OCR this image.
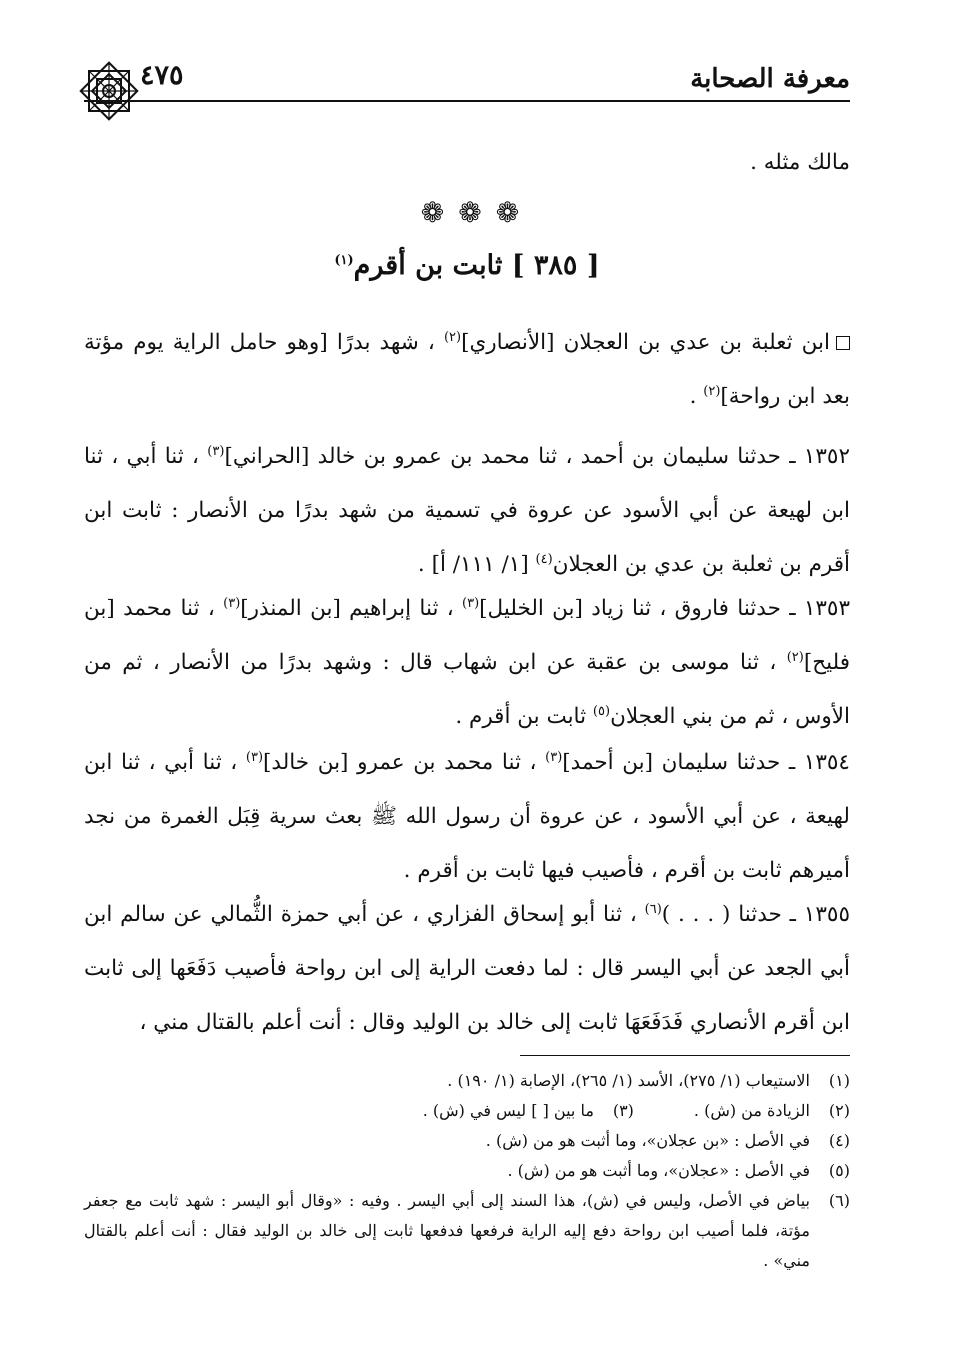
معرفة الصحابة
٤٧٥
مالك مثله .
❁❁❁
[ ٣٨٥ ] ثابت بن أقرم$^{(١)}$
ابن ثعلبة بن عدي بن العجلان [الأنصاري]$^{(٢)}$ ، شهد بدرًا [وهو حامل الراية يوم مؤتة بعد ابن رواحة]$^{(٢)}$ .
١٣٥٢ ـ حدثنا سليمان بن أحمد ، ثنا محمد بن عمرو بن خالد [الحراني]$^{(٣)}$ ، ثنا أبي ، ثنا ابن لهيعة عن أبي الأسود عن عروة في تسمية من شهد بدرًا من الأنصار : ثابت ابن أقرم بن ثعلبة بن عدي بن العجلان$^{(٤)}$ [١/ ١١١/ أ] .
١٣٥٣ ـ حدثنا فاروق ، ثنا زياد [بن الخليل]$^{(٣)}$ ، ثنا إبراهيم [بن المنذر]$^{(٣)}$ ، ثنا محمد [بن فليح]$^{(٢)}$ ، ثنا موسى بن عقبة عن ابن شهاب قال : وشهد بدرًا من الأنصار ، ثم من الأوس ، ثم من بني العجلان$^{(٥)}$ ثابت بن أقرم .
١٣٥٤ ـ حدثنا سليمان [بن أحمد]$^{(٣)}$ ، ثنا محمد بن عمرو [بن خالد]$^{(٣)}$ ، ثنا أبي ، ثنا ابن لهيعة ، عن أبي الأسود ، عن عروة أن رسول الله ﷺ بعث سرية قِبَل الغمرة من نجد أميرهم ثابت بن أقرم ، فأصيب فيها ثابت بن أقرم .
١٣٥٥ ـ حدثنا ( . . . )$^{(٦)}$ ، ثنا أبو إسحاق الفزاري ، عن أبي حمزة الثُّمالي عن سالم ابن أبي الجعد عن أبي اليسر قال : لما دفعت الراية إلى ابن رواحة فأصيب دَفَعَها إلى ثابت ابن أقرم الأنصاري فَدَفَعَهَا ثابت إلى خالد بن الوليد وقال : أنت أعلم بالقتال مني ،
(١)
الاستيعاب (١/ ٢٧٥)، الأسد (١/ ٢٦٥)، الإصابة (١/ ١٩٠) .
(٢)
الزيادة من (ش) .
(٣)
ما بين [ ] ليس في (ش) .
(٤)
في الأصل : «بن عجلان»، وما أثبت هو من (ش) .
(٥)
في الأصل : «عجلان»، وما أثبت هو من (ش) .
(٦)
بياض في الأصل، وليس في (ش)، هذا السند إلى أبي اليسر . وفيه : «وقال أبو اليسر : شهد ثابت مع جعفر مؤتة، فلما أصيب ابن رواحة دفع إليه الراية فرفعها فدفعها ثابت إلى خالد بن الوليد فقال : أنت أعلم بالقتال مني» .
